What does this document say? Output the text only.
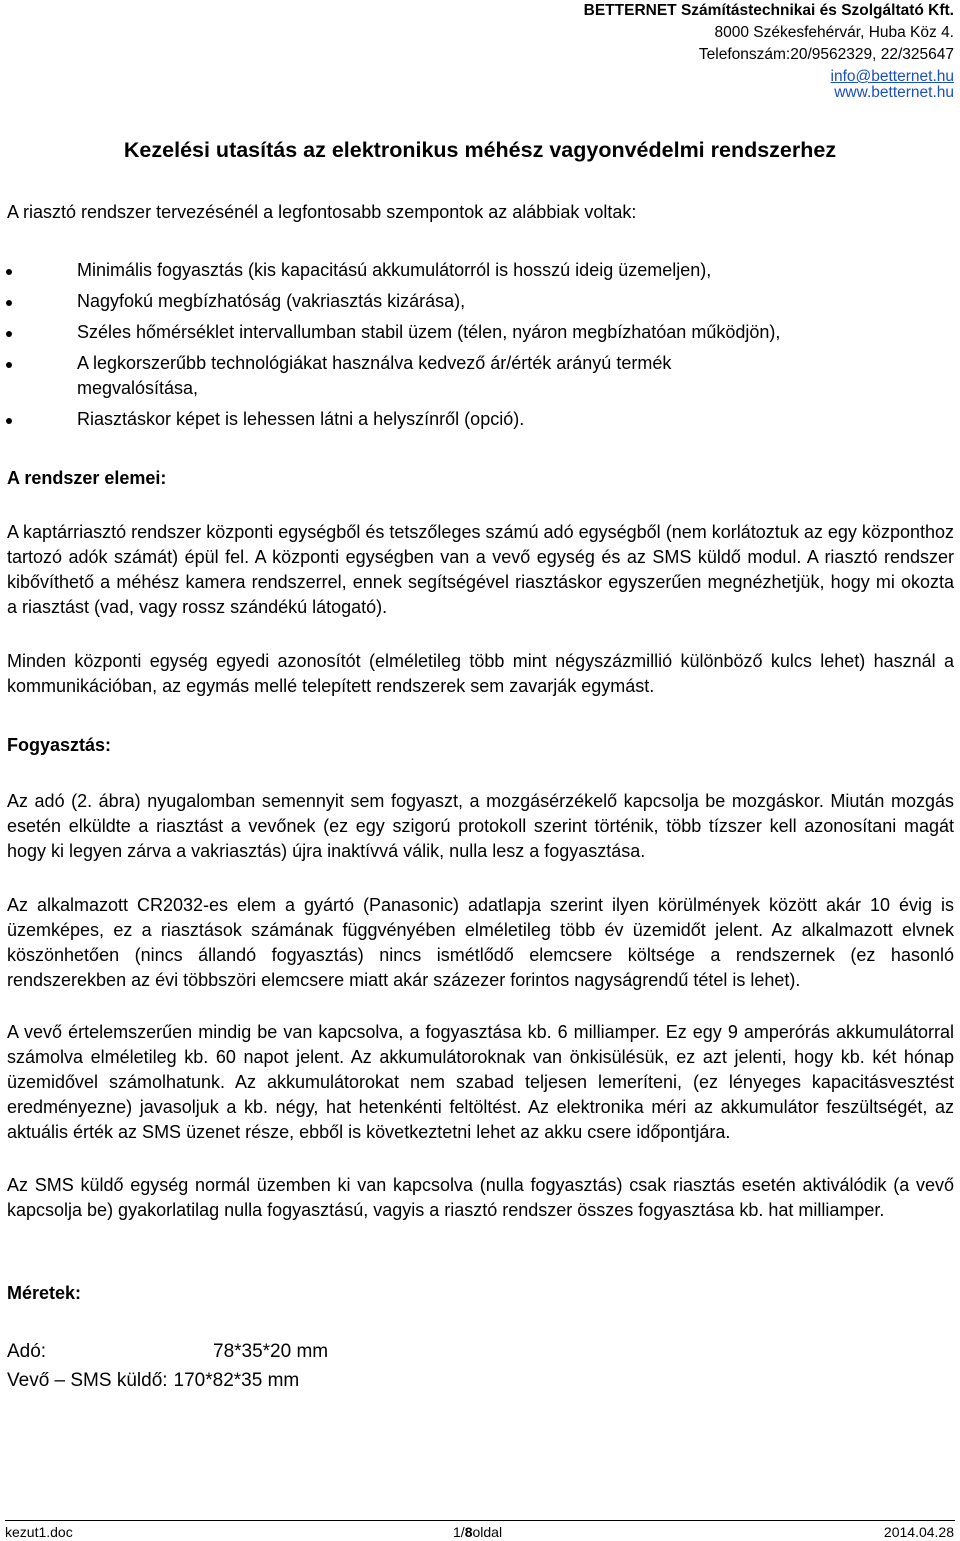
BETTERNET Számítástechnikai és Szolgáltató Kft.
8000 Székesfehérvár, Huba Köz 4.
Telefonszám:20/9562329, 22/325647
info@betternet.hu
www.betternet.hu
Kezelési utasítás az elektronikus méhész vagyonvédelmi rendszerhez
A riasztó rendszer tervezésénél a legfontosabb szempontok az alábbiak voltak:
Minimális fogyasztás (kis kapacitású akkumulátorról is hosszú ideig üzemeljen),
Nagyfokú megbízhatóság (vakriasztás kizárása),
Széles hőmérséklet intervallumban stabil üzem (télen, nyáron megbízhatóan működjön),
A legkorszerűbb technológiákat használva kedvező ár/érték arányú termék megvalósítása,
Riasztáskor képet is lehessen látni a helyszínről (opció).
A rendszer elemei:
A kaptárriasztó rendszer központi egységből és tetszőleges számú adó egységből (nem korlátoztuk az egy központhoz tartozó adók számát) épül fel. A központi egységben van a vevő egység és az SMS küldő modul. A riasztó rendszer kibővíthető a méhész kamera rendszerrel, ennek segítségével riasztáskor egyszerűen megnézhetjük, hogy mi okozta a riasztást (vad, vagy rossz szándékú látogató).
Minden központi egység egyedi azonosítót (elméletileg több mint négyszázmillió különböző kulcs lehet) használ a kommunikációban, az egymás mellé telepített rendszerek sem zavarják egymást.
Fogyasztás:
Az adó (2. ábra) nyugalomban semennyit sem fogyaszt, a mozgásérzékelő kapcsolja be mozgáskor. Miután mozgás esetén elküldte a riasztást a vevőnek (ez egy szigorú protokoll szerint történik, több tízszer kell azonosítani magát hogy ki legyen zárva a vakriasztás) újra inaktívvá válik, nulla lesz a fogyasztása.
Az alkalmazott CR2032-es elem a gyártó (Panasonic) adatlapja szerint ilyen körülmények között akár 10 évig is üzemképes, ez a riasztások számának függvényében elméletileg több év üzemidőt jelent. Az alkalmazott elvnek köszönhetően (nincs állandó fogyasztás) nincs ismétlődő elemcsere költsége a rendszernek (ez hasonló rendszerekben az évi többszöri elemcsere miatt akár százezer forintos nagyságrendű tétel is lehet).
A vevő értelemszerűen mindig be van kapcsolva, a fogyasztása kb. 6 milliamper. Ez egy 9 amperórás akkumulátorral számolva elméletileg kb. 60 napot jelent. Az akkumulátoroknak van önkisülésük, ez azt jelenti, hogy kb. két hónap üzemidővel számolhatunk. Az akkumulátorokat nem szabad teljesen lemeríteni, (ez lényeges kapacitásvesztést eredményezne) javasoljuk a kb. négy, hat hetenkénti feltöltést. Az elektronika méri az akkumulátor feszültségét, az aktuális érték az SMS üzenet része, ebből is következtetni lehet az akku csere időpontjára.
Az SMS küldő egység normál üzemben ki van kapcsolva (nulla fogyasztás) csak riasztás esetén aktiválódik (a vevő kapcsolja be) gyakorlatilag nulla fogyasztású, vagyis a riasztó rendszer összes fogyasztása kb. hat milliamper.
Méretek:
Adó:	78*35*20 mm
Vevő – SMS küldő: 170*82*35 mm
kezut1.doc	1/8oldal	2014.04.28
